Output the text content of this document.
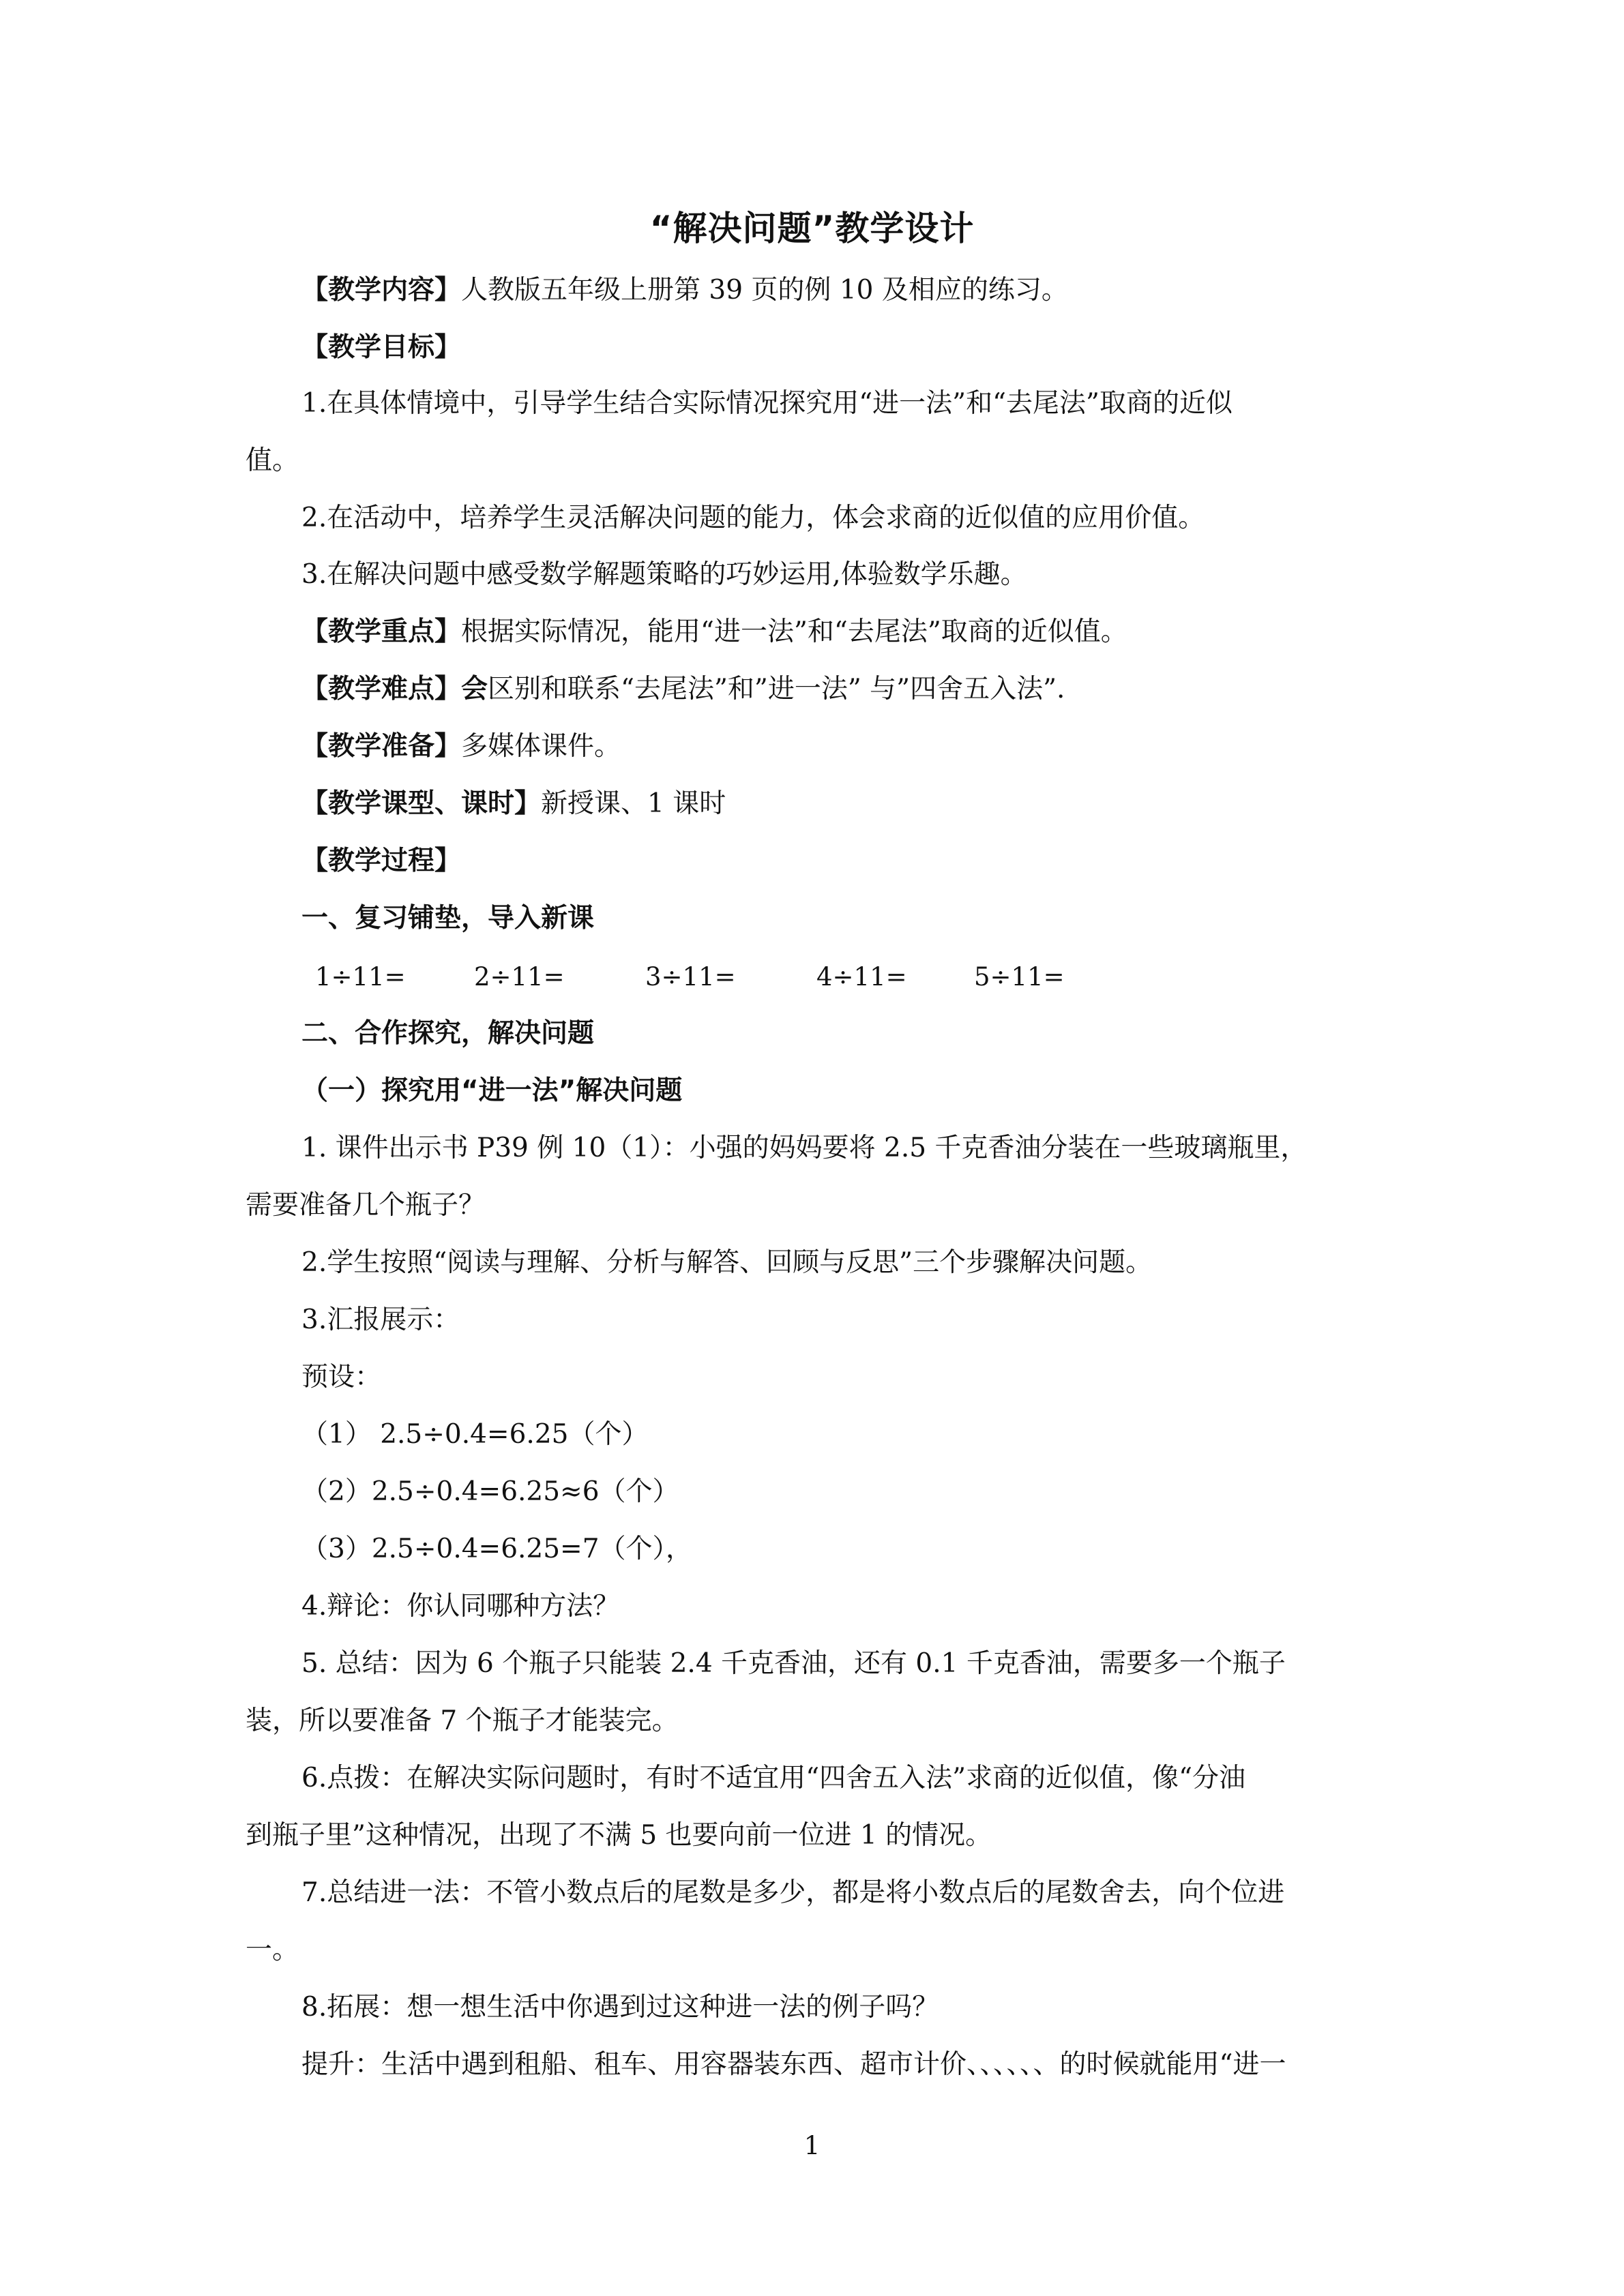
“解决问题”教学设计
【教学内容】人教版五年级上册第 39 页的例 10 及相应的练习。
【教学目标】
1.在具体情境中，引导学生结合实际情况探究用“进一法”和“去尾法”取商的近似
值。
2.在活动中，培养学生灵活解决问题的能力，体会求商的近似值的应用价值。
3.在解决问题中感受数学解题策略的巧妙运用,体验数学乐趣。
【教学重点】根据实际情况，能用“进一法”和“去尾法”取商的近似值。
【教学难点】会区别和联系“去尾法”和”进一法” 与”四舍五入法”.
【教学准备】多媒体课件。
【教学课型、课时】新授课、1 课时
【教学过程】
一、复习铺垫，导入新课
1÷11=	2÷11=	3÷11=	4÷11=	5÷11=
二、合作探究，解决问题
（一）探究用“进一法”解决问题
1. 课件出示书 P39 例 10（1）：小强的妈妈要将 2.5 千克香油分装在一些玻璃瓶里，
需要准备几个瓶子？
2.学生按照“阅读与理解、分析与解答、回顾与反思”三个步骤解决问题。
3.汇报展示：
预设：
（1） 2.5÷0.4=6.25（个）
（2）2.5÷0.4=6.25≈6（个）
（3）2.5÷0.4=6.25=7（个），
4.辩论：你认同哪种方法？
5. 总结：因为 6 个瓶子只能装 2.4 千克香油，还有 0.1 千克香油，需要多一个瓶子
装，所以要准备 7 个瓶子才能装完。
6.点拨：在解决实际问题时，有时不适宜用“四舍五入法”求商的近似值，像“分油
到瓶子里”这种情况，出现了不满 5 也要向前一位进 1 的情况。
7.总结进一法：不管小数点后的尾数是多少，都是将小数点后的尾数舍去，向个位进
一。
8.拓展：想一想生活中你遇到过这种进一法的例子吗？
提升：生活中遇到租船、租车、用容器装东西、超市计价、、、、、、的时候就能用“进一
1
